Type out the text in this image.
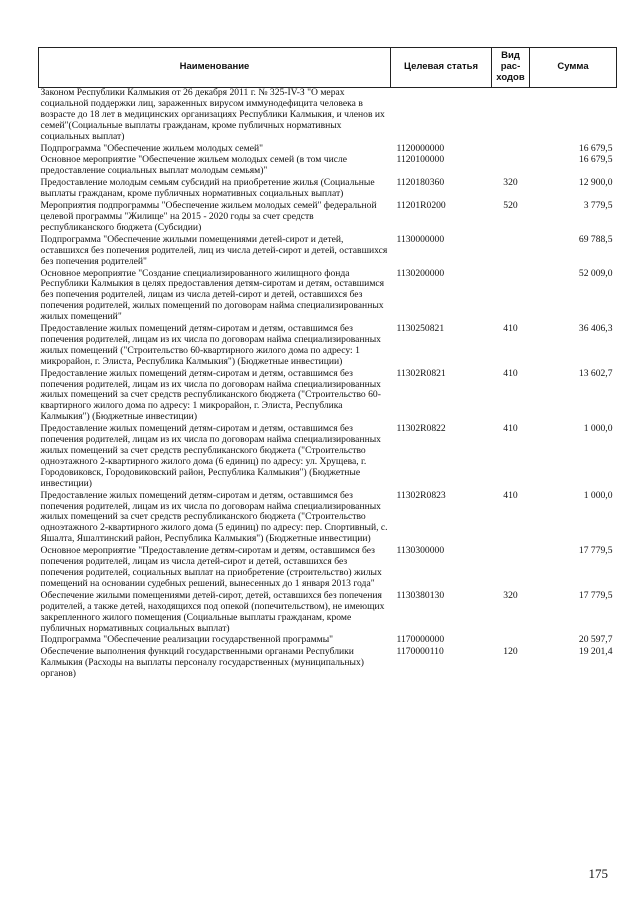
Наименование	Целевая статья	Вид рас-ходов	Сумма
Законом Республики Калмыкия от 26 декабря 2011 г. № 325-IV-З "О мерах социальной поддержки лиц, зараженных вирусом иммунодефицита человека в возрасте до 18 лет в медицинских организациях Республики Калмыкия, и членов их семей"(Социальные выплаты гражданам, кроме публичных нормативных социальных выплат)			
Подпрограмма "Обеспечение жильем молодых семей"	1120000000		16 679,5
Основное мероприятие "Обеспечение жильем молодых семей (в том числе предоставление социальных выплат молодым семьям)"	1120100000		16 679,5
Предоставление молодым семьям субсидий на приобретение жилья (Социальные выплаты гражданам, кроме публичных нормативных социальных выплат)	1120180360	320	12 900,0
Мероприятия подпрограммы "Обеспечение жильем молодых семей" федеральной целевой программы "Жилище" на 2015 - 2020 годы за счет средств республиканского бюджета (Субсидии)	11201R0200	520	3 779,5
Подпрограмма "Обеспечение жилыми помещениями детей-сирот и детей, оставшихся без попечения родителей, лиц из числа детей-сирот и детей, оставшихся без попечения родителей"	1130000000		69 788,5
Основное мероприятие "Создание специализированного жилищного фонда Республики Калмыкия в целях предоставления детям-сиротам и детям, оставшимся без попечения родителей, лицам из числа детей-сирот и детей, оставшихся без попечения родителей, жилых помещений по договорам найма специализированных жилых помещений"	1130200000		52 009,0
Предоставление жилых помещений детям-сиротам и детям, оставшимся без попечения родителей, лицам из их числа по договорам найма специализированных жилых помещений ("Строительство 60-квартирного жилого дома по адресу: 1 микрорайон, г. Элиста, Республика Калмыкия") (Бюджетные инвестиции)	1130250821	410	36 406,3
Предоставление жилых помещений детям-сиротам и детям, оставшимся без попечения родителей, лицам из их числа по договорам найма специализированных жилых помещений за счет средств республиканского бюджета ("Строительство 60-квартирного жилого дома по адресу: 1 микрорайон, г. Элиста, Республика Калмыкия") (Бюджетные инвестиции)	11302R0821	410	13 602,7
Предоставление жилых помещений детям-сиротам и детям, оставшимся без попечения родителей, лицам из их числа по договорам найма специализированных жилых помещений за счет средств республиканского бюджета ("Строительство одноэтажного 2-квартирного жилого дома (6 единиц) по адресу: ул. Хрущева, г. Городовиковск, Городовиковский район, Республика Калмыкия") (Бюджетные инвестиции)	11302R0822	410	1 000,0
Предоставление жилых помещений детям-сиротам и детям, оставшимся без попечения родителей, лицам из их числа по договорам найма специализированных жилых помещений за счет средств республиканского бюджета ("Строительство одноэтажного 2-квартирного жилого дома (5 единиц) по адресу: пер. Спортивный, с. Яшалта, Яшалтинский район, Республика Калмыкия") (Бюджетные инвестиции)	11302R0823	410	1 000,0
Основное мероприятие "Предоставление детям-сиротам и детям, оставшимся без попечения родителей, лицам из числа детей-сирот и детей, оставшихся без попечения родителей, социальных выплат на приобретение (строительство) жилых помещений на основании судебных решений, вынесенных до 1 января 2013 года"	1130300000		17 779,5
Обеспечение жилыми помещениями детей-сирот, детей, оставшихся без попечения родителей, а также детей, находящихся под опекой (попечительством), не имеющих закрепленного жилого помещения (Социальные выплаты гражданам, кроме публичных нормативных социальных выплат)	1130380130	320	17 779,5
Подпрограмма "Обеспечение реализации государственной программы"	1170000000		20 597,7
Обеспечение выполнения функций государственными органами Республики Калмыкия (Расходы на выплаты персоналу государственных (муниципальных) органов)	1170000110	120	19 201,4
175
